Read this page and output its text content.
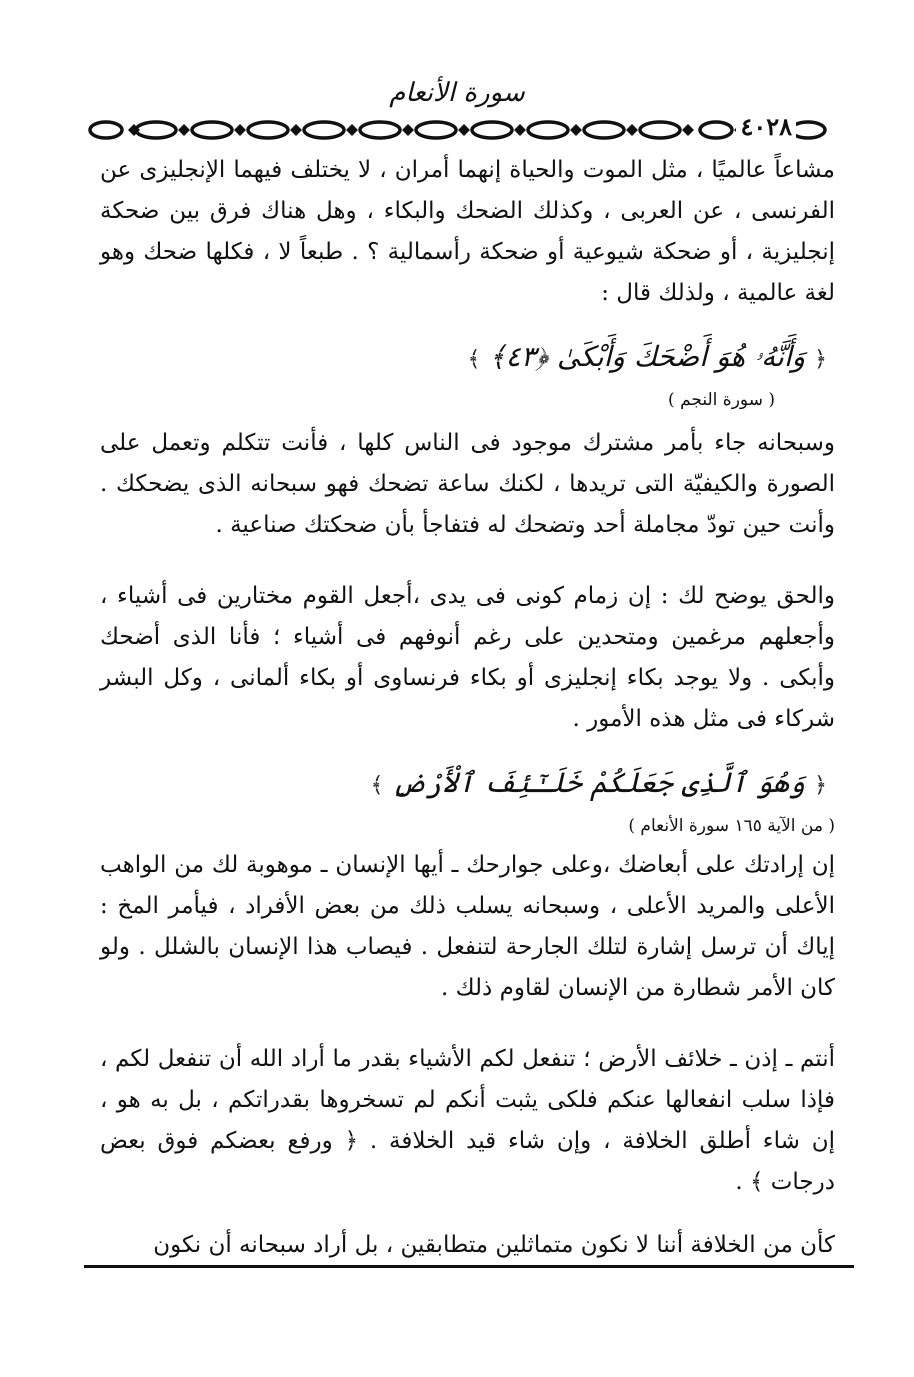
سورة الأنعام
٤٠٢٨

مشاعاً عالميًا ، مثل الموت والحياة إنهما أمران ، لا يختلف فيهما الإنجليزى عن الفرنسى ، عن العربى ، وكذلك الضحك والبكاء ، وهل هناك فرق بين ضحكة إنجليزية ، أو ضحكة شيوعية أو ضحكة رأسمالية ؟ . طبعاً لا ، فكلها ضحك وهو لغة عالمية ، ولذلك قال :

﴿ وَأَنَّهُۥ هُوَ أَضْحَكَ وَأَبْكَىٰ ﴿٤٣﴾ ﴾
( سورة النجم )

وسبحانه جاء بأمر مشترك موجود فى الناس كلها ، فأنت تتكلم وتعمل على الصورة والكيفيّة التى تريدها ، لكنك ساعة تضحك فهو سبحانه الذى يضحكك . وأنت حين تودّ مجاملة أحد وتضحك له فتفاجأ بأن ضحكتك صناعية .

والحق يوضح لك : إن زمام كونى فى يدى ،أجعل القوم مختارين فى أشياء ، وأجعلهم مرغمين ومتحدين على رغم أنوفهم فى أشياء ؛ فأنا الذى أضحك وأبكى . ولا يوجد بكاء إنجليزى أو بكاء فرنساوى أو بكاء ألمانى ، وكل البشر شركاء فى مثل هذه الأمور .

﴿ وَهُوَ ٱلَّذِى جَعَلَكُمْ خَلَـٰٓئِفَ ٱلْأَرْضِ ﴾
( من الآية ١٦٥ سورة الأنعام )

إن إرادتك على أبعاضك ،وعلى جوارحك ـ أيها الإنسان ـ موهوبة لك من الواهب الأعلى والمريد الأعلى ، وسبحانه يسلب ذلك من بعض الأفراد ، فيأمر المخ : إياك أن ترسل إشارة لتلك الجارحة لتنفعل . فيصاب هذا الإنسان بالشلل . ولو كان الأمر شطارة من الإنسان لقاوم ذلك .

أنتم ـ إذن ـ خلائف الأرض ؛ تنفعل لكم الأشياء بقدر ما أراد الله أن تنفعل لكم ، فإذا سلب انفعالها عنكم فلكى يثبت أنكم لم تسخروها بقدراتكم ، بل به هو ، إن شاء أطلق الخلافة ، وإن شاء قيد الخلافة . ﴿ ورفع بعضكم فوق بعض درجات ﴾ .

كأن من الخلافة أننا لا نكون متماثلين متطابقين ، بل أراد سبحانه أن نكون
